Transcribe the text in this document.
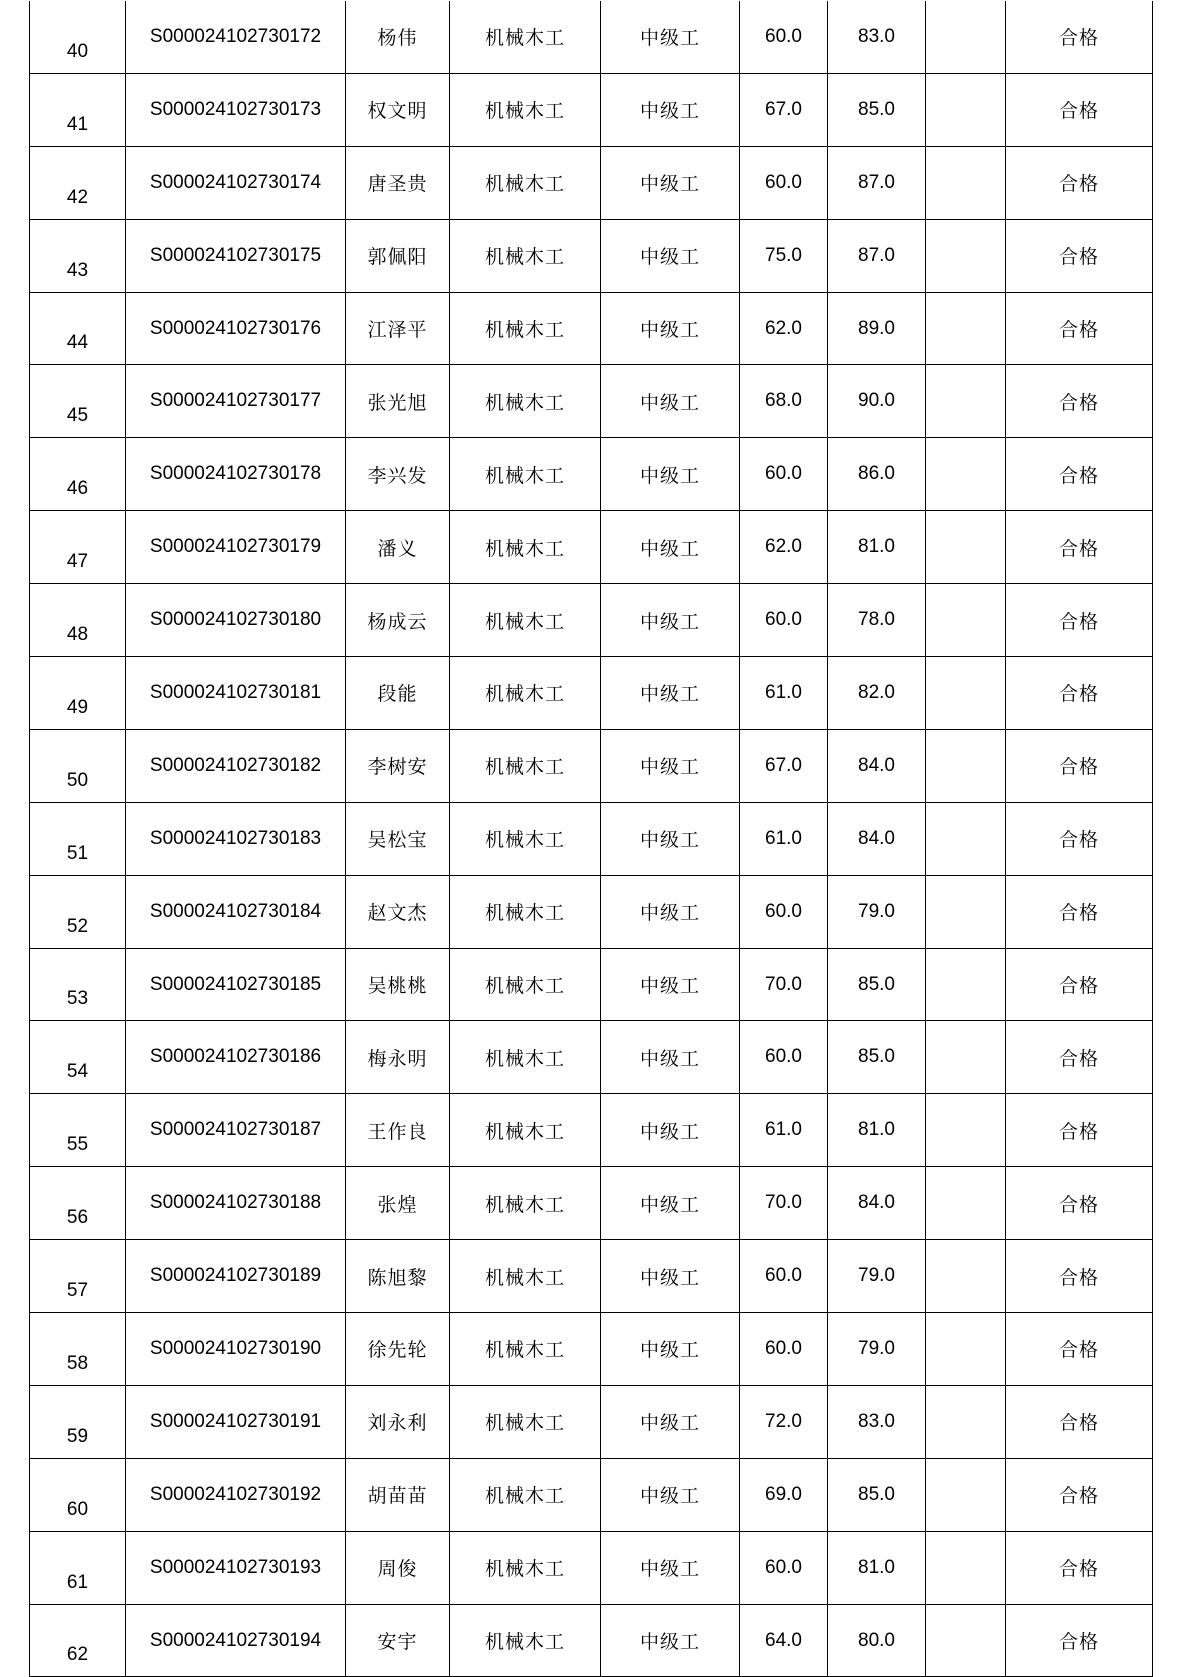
40	S000024102730172	杨伟	机械木工	中级工	60.0	83.0		合格
41	S000024102730173	权文明	机械木工	中级工	67.0	85.0		合格
42	S000024102730174	唐圣贵	机械木工	中级工	60.0	87.0		合格
43	S000024102730175	郭佩阳	机械木工	中级工	75.0	87.0		合格
44	S000024102730176	江泽平	机械木工	中级工	62.0	89.0		合格
45	S000024102730177	张光旭	机械木工	中级工	68.0	90.0		合格
46	S000024102730178	李兴发	机械木工	中级工	60.0	86.0		合格
47	S000024102730179	潘义	机械木工	中级工	62.0	81.0		合格
48	S000024102730180	杨成云	机械木工	中级工	60.0	78.0		合格
49	S000024102730181	段能	机械木工	中级工	61.0	82.0		合格
50	S000024102730182	李树安	机械木工	中级工	67.0	84.0		合格
51	S000024102730183	吴松宝	机械木工	中级工	61.0	84.0		合格
52	S000024102730184	赵文杰	机械木工	中级工	60.0	79.0		合格
53	S000024102730185	吴桃桃	机械木工	中级工	70.0	85.0		合格
54	S000024102730186	梅永明	机械木工	中级工	60.0	85.0		合格
55	S000024102730187	王作良	机械木工	中级工	61.0	81.0		合格
56	S000024102730188	张煌	机械木工	中级工	70.0	84.0		合格
57	S000024102730189	陈旭黎	机械木工	中级工	60.0	79.0		合格
58	S000024102730190	徐先轮	机械木工	中级工	60.0	79.0		合格
59	S000024102730191	刘永利	机械木工	中级工	72.0	83.0		合格
60	S000024102730192	胡苗苗	机械木工	中级工	69.0	85.0		合格
61	S000024102730193	周俊	机械木工	中级工	60.0	81.0		合格
62	S000024102730194	安宇	机械木工	中级工	64.0	80.0		合格
